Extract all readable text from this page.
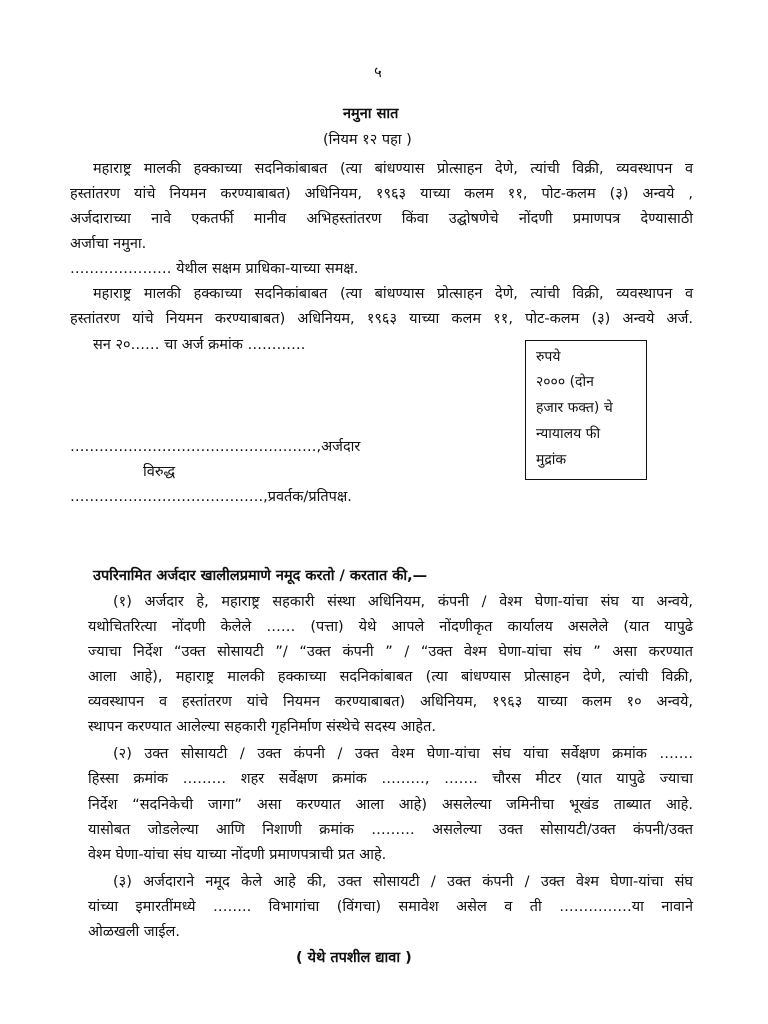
५
नमुना सात
(नियम १२ पहा )
महाराष्ट्र मालकी हक्काच्या सदनिकांबाबत (त्या बांधण्यास प्रोत्साहन देणे, त्यांची विक्री, व्यवस्थापन व
हस्तांतरण यांचे नियमन करण्याबाबत) अधिनियम, १९६३ याच्या कलम ११, पोट-कलम (३) अन्वये ,
अर्जदाराच्या नावे एकतर्फी मानीव अभिहस्तांतरण किंवा उद्घोषणेचे नोंदणी प्रमाणपत्र देण्यासाठी
अर्जाचा नमुना.
………………… येथील सक्षम प्राधिका-याच्या समक्ष.
महाराष्ट्र मालकी हक्काच्या सदनिकांबाबत (त्या बांधण्यास प्रोत्साहन देणे, त्यांची विक्री, व्यवस्थापन व
हस्तांतरण यांचे नियमन करण्याबाबत) अधिनियम, १९६३ याच्या कलम ११, पोट-कलम (३) अन्वये अर्ज.
सन २०…… चा अर्ज क्रमांक …………
रुपये
२००० (दोन
हजार फक्त) चे
न्यायालय फी
मुद्रांक
……………………………………………,अर्जदार
विरुद्ध
………………………………….,प्रवर्तक/प्रतिपक्ष.
उपरिनामित अर्जदार खालीलप्रमाणे नमूद करतो / करतात की,—
(१) अर्जदार हे, महाराष्ट्र सहकारी संस्था अधिनियम, कंपनी / वेश्म घेणा-यांचा संघ या अन्वये,
यथोचितरित्या नोंदणी केलेले …… (पत्ता) येथे आपले नोंदणीकृत कार्यालय असलेले (यात यापुढे
ज्याचा निर्देश “उक्त सोसायटी ”/ “उक्त कंपनी ” / “उक्त वेश्म घेणा-यांचा संघ ” असा करण्यात
आला आहे), महाराष्ट्र मालकी हक्काच्या सदनिकांबाबत (त्या बांधण्यास प्रोत्साहन देणे, त्यांची विक्री,
व्यवस्थापन व हस्तांतरण यांचे नियमन करण्याबाबत) अधिनियम, १९६३ याच्या कलम १० अन्वये,
स्थापन करण्यात आलेल्या सहकारी गृहनिर्माण संस्थेचे सदस्य आहेत.
(२) उक्त सोसायटी / उक्त कंपनी / उक्त वेश्म घेणा-यांचा संघ यांचा सर्वेक्षण क्रमांक …….
हिस्सा क्रमांक ……… शहर सर्वेक्षण क्रमांक ………, ……. चौरस मीटर (यात यापुढे ज्याचा
निर्देश “सदनिकेची जागा” असा करण्यात आला आहे) असलेल्या जमिनीचा भूखंड ताब्यात आहे.
यासोबत जोडलेल्या आणि निशाणी क्रमांक ……… असलेल्या उक्त सोसायटी/उक्त कंपनी/उक्त
वेश्म घेणा-यांचा संघ याच्या नोंदणी प्रमाणपत्राची प्रत आहे.
(३) अर्जदाराने नमूद केले आहे की, उक्त सोसायटी / उक्त कंपनी / उक्त वेश्म घेणा-यांचा संघ
यांच्या इमारतींमध्ये …….. विभागांचा (विंगचा) समावेश असेल व ती ……………या नावाने
ओळखली जाईल.
( येथे तपशील द्यावा )
